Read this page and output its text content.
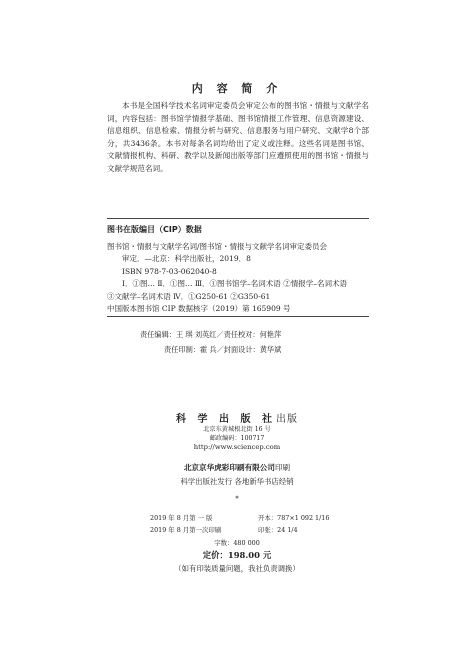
内 容 简 介

本书是全国科学技术名词审定委员会审定公布的图书馆・情报与文献学名词，内容包括：图书馆学情报学基础、图书馆情报工作管理、信息资源建设、信息组织、信息检索、情报分析与研究、信息服务与用户研究、文献学8个部分，共3436条。本书对每条名词均给出了定义或注释。这些名词是图书馆、文献情报机构、科研、教学以及新闻出版等部门应遵照使用的图书馆・情报与文献学规范名词。

图书在版编目（CIP）数据
图书馆・情报与文献学名词/图书馆・情报与文献学名词审定委员会
审定．—北京：科学出版社，2019．8
ISBN 978-7-03-062040-8
Ⅰ．①图… Ⅱ．①图… Ⅲ．①图书馆学–名词术语 ②情报学–名词术语
③文献学–名词术语 Ⅳ．①G250-61 ②G350-61
中国版本图书馆 CIP 数据核字（2019）第 165909 号
责任编辑：王 琪 刘英红／责任校对：何艳萍
责任印制：霍 兵／封面设计：黄华斌
科 学 出 版 社出版
北京东黄城根北街 16 号
邮政编码：100717
http://www.sciencep.com
北京京华虎彩印刷有限公司印刷
科学出版社发行 各地新华书店经销
*
2019 年 8 月第 一 版	开本：787×1 092 1/16
2019 年 8 月第一次印刷	印张：24 1/4
字数：480 000
定价：198.00 元
（如有印装质量问题，我社负责调换）
